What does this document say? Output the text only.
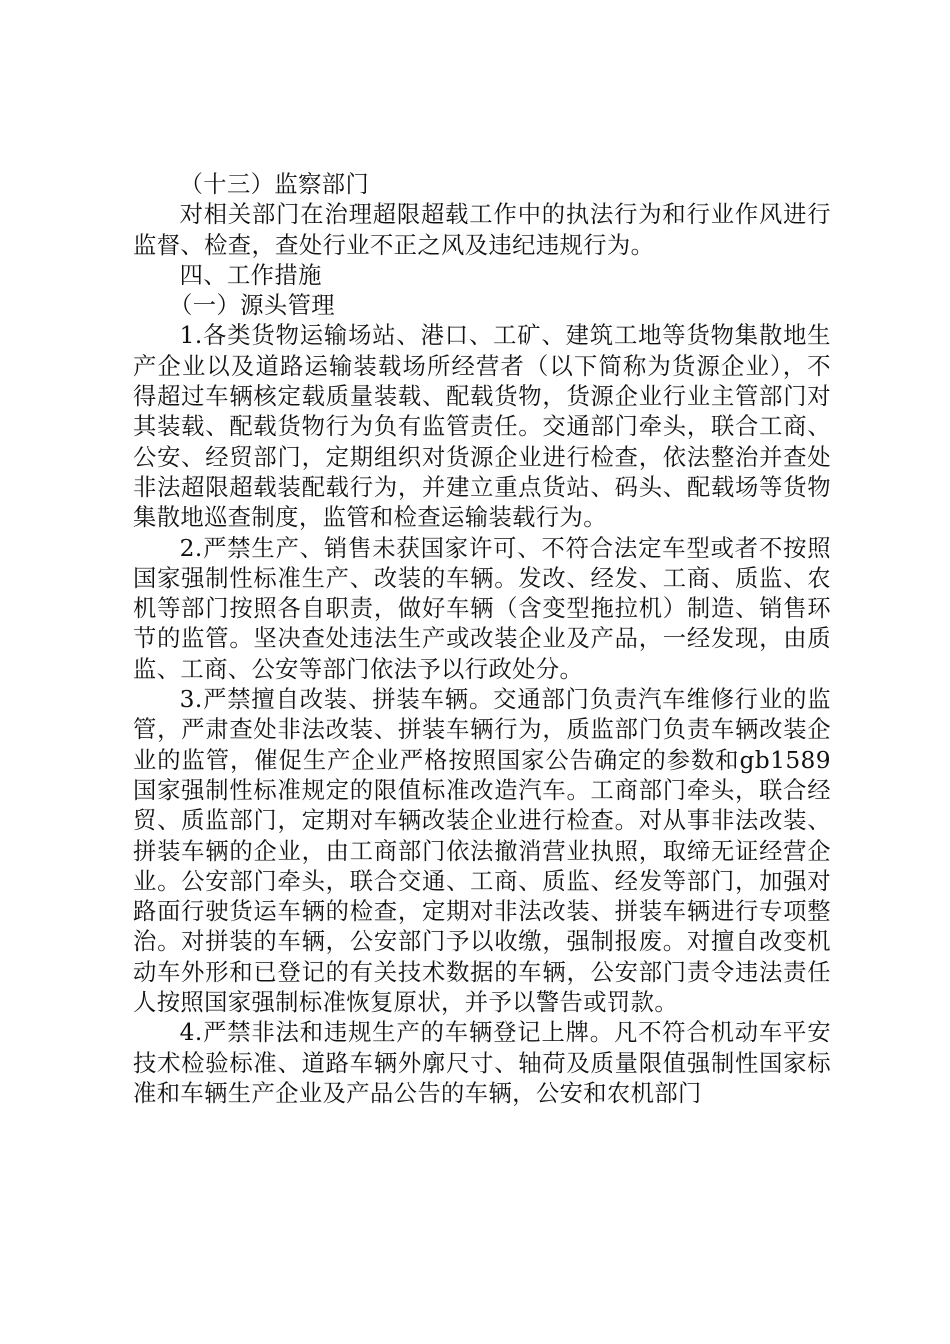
（十三）监察部门

对相关部门在治理超限超载工作中的执法行为和行业作风进行监督、检查，查处行业不正之风及违纪违规行为。

四、工作措施

（一）源头管理

1.各类货物运输场站、港口、工矿、建筑工地等货物集散地生产企业以及道路运输装载场所经营者（以下简称为货源企业），不得超过车辆核定载质量装载、配载货物，货源企业行业主管部门对其装载、配载货物行为负有监管责任。交通部门牵头，联合工商、公安、经贸部门，定期组织对货源企业进行检查，依法整治并查处非法超限超载装配载行为，并建立重点货站、码头、配载场等货物集散地巡查制度，监管和检查运输装载行为。

2.严禁生产、销售未获国家许可、不符合法定车型或者不按照国家强制性标准生产、改装的车辆。发改、经发、工商、质监、农机等部门按照各自职责，做好车辆（含变型拖拉机）制造、销售环节的监管。坚决查处违法生产或改装企业及产品，一经发现，由质监、工商、公安等部门依法予以行政处分。

3.严禁擅自改装、拼装车辆。交通部门负责汽车维修行业的监管，严肃查处非法改装、拼装车辆行为，质监部门负责车辆改装企业的监管，催促生产企业严格按照国家公告确定的参数和gb1589国家强制性标准规定的限值标准改造汽车。工商部门牵头，联合经贸、质监部门，定期对车辆改装企业进行检查。对从事非法改装、拼装车辆的企业，由工商部门依法撤消营业执照，取缔无证经营企业。公安部门牵头，联合交通、工商、质监、经发等部门，加强对路面行驶货运车辆的检查，定期对非法改装、拼装车辆进行专项整治。对拼装的车辆，公安部门予以收缴，强制报废。对擅自改变机动车外形和已登记的有关技术数据的车辆，公安部门责令违法责任人按照国家强制标准恢复原状，并予以警告或罚款。

4.严禁非法和违规生产的车辆登记上牌。凡不符合机动车平安技术检验标准、道路车辆外廓尺寸、轴荷及质量限值强制性国家标准和车辆生产企业及产品公告的车辆，公安和农机部门
